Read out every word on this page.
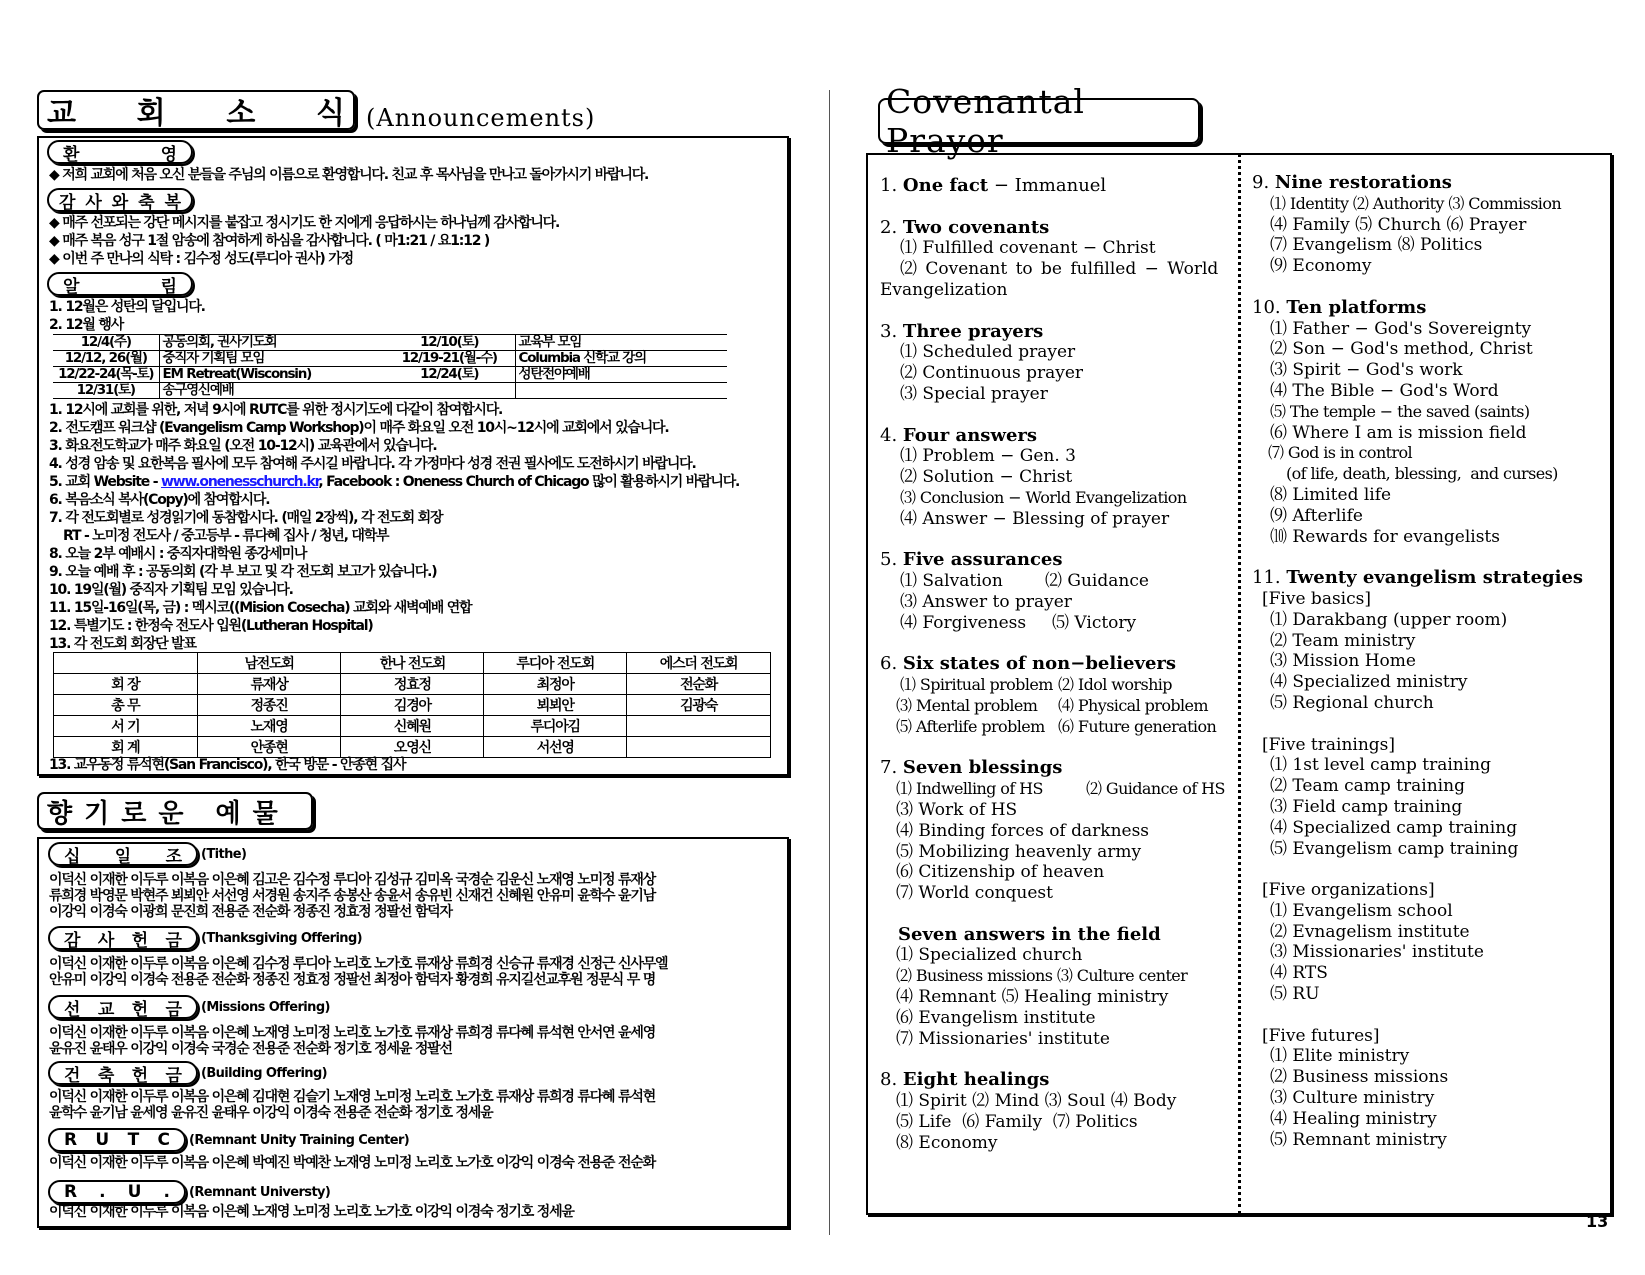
교 회 소 식 (Announcements)
환	영
◆ 저희 교회에 처음 오신 분들을 주님의 이름으로 환영합니다. 친교 후 목사님을 만나고 돌아가시기 바랍니다.
감 사 와 축 복
◆ 매주 선포되는 강단 메시지를 붙잡고 정시기도 한 지에게 응답하시는 하나님께 감사합니다.
◆ 매주 복음 성구 1절 암송에 참여하게 하심을 감사합니다. ( 마1:21 / 요1:12 )
◆ 이번 주 만나의 식탁 : 김수정 성도(루디아 권사) 가정
알	림
1. 12월은 성탄의 달입니다.
2. 12월 행사
12/4(주)	공동의회, 권사기도회	12/10(토)	교육부 모임
12/12, 26(월)	중직자 기획팀 모임	12/19-21(월-수)	Columbia 신학교 강의
12/22-24(목-토)	EM Retreat(Wisconsin)	12/24(토)	성탄전야예배
12/31(토)	송구영신예배		
1. 12시에 교회를 위한, 저녁 9시에 RUTC를 위한 정시기도에 다같이 참여합시다.
2. 전도캠프 워크샵 (Evangelism Camp Workshop)이 매주 화요일 오전 10시~12시에 교회에서 있습니다.
3. 화요전도학교가 매주 화요일 (오전 10-12시) 교육관에서 있습니다.
4. 성경 암송 및 요한복음 필사에 모두 참여해 주시길 바랍니다. 각 가정마다 성경 전권 필사에도 도전하시기 바랍니다.
5. 교회 Website - www.onenesschurch.kr, Facebook : Oneness Church of Chicago 많이 활용하시기 바랍니다.
6. 복음소식 복사(Copy)에 참여합시다.
7. 각 전도회별로 성경읽기에 동참합시다. (매일 2장씩), 각 전도회 회장
RT - 노미정 전도사 / 중고등부 - 류다혜 집사 / 청년, 대학부
8. 오늘 2부 예배시 : 중직자대학원 종강세미나
9. 오늘 예배 후 : 공동의회 (각 부 보고 및 각 전도회 보고가 있습니다.)
10. 19일(월) 중직자 기획팀 모임 있습니다.
11. 15일-16일(목, 금) : 멕시코((Mision Cosecha) 교회와 새벽예배 연합
12. 특별기도 : 한정숙 전도사 입원(Lutheran Hospital)
13. 각 전도회 회장단 발표
	남전도회	한나 전도회	루디아 전도회	에스더 전도회
회 장	류재상	정효정	최정아	전순화
총 무	정종진	김경아	뵈뵈안	김광숙
서 기	노재영	신혜원	루디아김	
회 계	안종현	오영신	서선영	
13. 교우동정 류석현(San Francisco), 한국 방문 - 안종현 집사
향 기 로 운 예 물
십 일 조 (Tithe)
이덕신 이재한 이두루 이복음 이은혜 김고은 김수정 루디아 김성규 김미옥 국경순 김운신 노재영 노미정 류재상
류희경 박영문 박현주 뵈뵈안 서선영 서경원 송지주 송봉산 송윤서 송유빈 신재건 신혜원 안유미 윤학수 윤기남
이강익 이경숙 이광희 문진희 전용준 전순화 정종진 정효정 정팔선 함덕자
감 사 헌 금 (Thanksgiving Offering)
이덕신 이재한 이두루 이복음 이은혜 김수정 루디아 노리호 노가호 류재상 류희경 신승규 류재경 신정근 신사무엘
안유미 이강익 이경숙 전용준 전순화 정종진 정효정 정팔선 최정아 함덕자 황경희 유지길선교후원 정문식 무 명
선 교 헌 금 (Missions Offering)
이덕신 이재한 이두루 이복음 이은혜 노재영 노미정 노리호 노가호 류재상 류희경 류다혜 류석현 안서연 윤세영
윤유진 윤태우 이강익 이경숙 국경순 전용준 전순화 정기호 정세윤 정팔선
건 축 헌 금 (Building Offering)
이덕신 이재한 이두루 이복음 이은혜 김대현 김슬기 노재영 노미정 노리호 노가호 류재상 류희경 류다혜 류석현
윤학수 윤기남 윤세영 윤유진 윤태우 이강익 이경숙 전용준 전순화 정기호 정세윤
R U T C (Remnant Unity Training Center)
이덕신 이재한 이두루 이복음 이은혜 박예진 박예찬 노재영 노미정 노리호 노가호 이강익 이경숙 전용준 전순화
R . U . (Remnant Universty)
이덕신 이재한 이두루 이복음 이은혜 노재영 노미정 노리호 노가호 이강익 이경숙 정기호 정세윤
Covenantal Prayer
1. One fact − Immanuel
2. Two covenants
⑴ Fulfilled covenant − Christ
⑵ Covenant to be fulfilled − World
Evangelization
3. Three prayers
⑴ Scheduled prayer
⑵ Continuous prayer
⑶ Special prayer
4. Four answers
⑴ Problem − Gen. 3
⑵ Solution − Christ
⑶ Conclusion − World Evangelization
⑷ Answer − Blessing of prayer
5. Five assurances
⑴ Salvation ⑵ Guidance
⑶ Answer to prayer
⑷ Forgiveness ⑸ Victory
6. Six states of non−believers
⑴ Spiritual problem ⑵ Idol worship
⑶ Mental problem ⑷ Physical problem
⑸ Afterlife problem ⑹ Future generation
7. Seven blessings
⑴ Indwelling of HS	⑵ Guidance of HS
⑶ Work of HS
⑷ Binding forces of darkness
⑸ Mobilizing heavenly army
⑹ Citizenship of heaven
⑺ World conquest
Seven answers in the field
⑴ Specialized church
⑵ Business missions ⑶ Culture center
⑷ Remnant ⑸ Healing ministry
⑹ Evangelism institute
⑺ Missionaries' institute
8. Eight healings
⑴ Spirit ⑵ Mind ⑶ Soul ⑷ Body
⑸ Life  ⑹ Family  ⑺ Politics
⑻ Economy
9. Nine restorations
⑴ Identity ⑵ Authority ⑶ Commission
⑷ Family ⑸ Church ⑹ Prayer
⑺ Evangelism ⑻ Politics
⑼ Economy
10. Ten platforms
⑴ Father − God's Sovereignty
⑵ Son − God's method, Christ
⑶ Spirit − God's work
⑷ The Bible − God's Word
⑸ The temple − the saved (saints)
⑹ Where I am is mission field
⑺ God is in control
(of life, death, blessing,  and curses)
⑻ Limited life
⑼ Afterlife
⑽ Rewards for evangelists
11. Twenty evangelism strategies
[Five basics]
⑴ Darakbang (upper room)
⑵ Team ministry
⑶ Mission Home
⑷ Specialized ministry
⑸ Regional church
[Five trainings]
⑴ 1st level camp training
⑵ Team camp training
⑶ Field camp training
⑷ Specialized camp training
⑸ Evangelism camp training
[Five organizations]
⑴ Evangelism school
⑵ Evnagelism institute
⑶ Missionaries' institute
⑷ RTS
⑸ RU
[Five futures]
⑴ Elite ministry
⑵ Business missions
⑶ Culture ministry
⑷ Healing ministry
⑸ Remnant ministry
13
